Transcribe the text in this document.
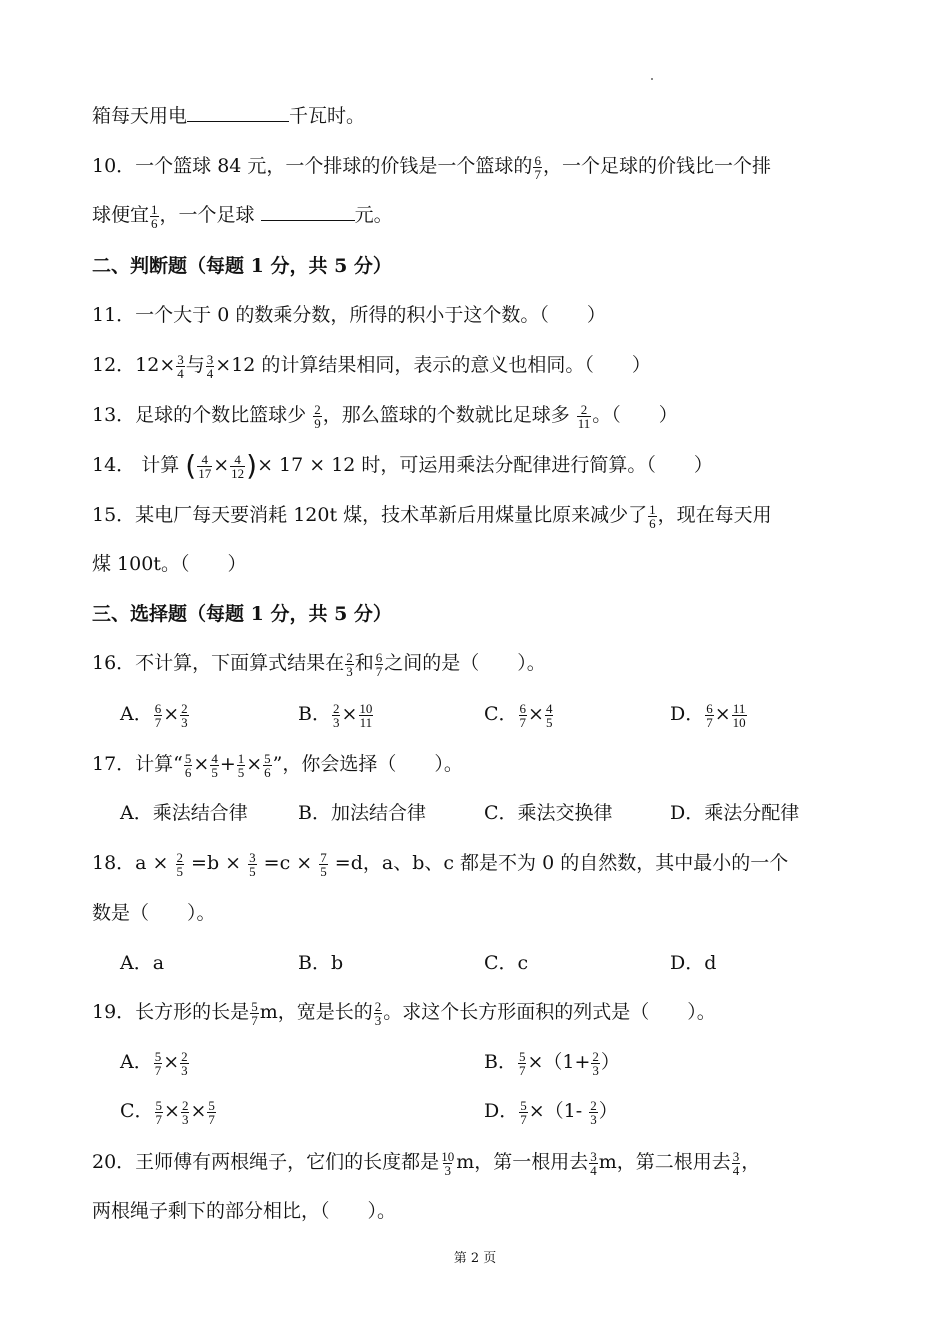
箱每天用电	千瓦时。
10．一个篮球 84 元，一个排球的价钱是一个篮球的 $\frac{6}{7}$ ，一个足球的价钱比一个排
球便宜 $\frac{1}{6}$ ，一个足球	元。
二、判断题（每题 1 分，共 5 分）
11．一个大于 0 的数乘分数，所得的积小于这个数。（　　）
12．$12\times \frac{3}{4}$ 与 $\frac{3}{4} \times 12$ 的计算结果相同，表示的意义也相同。（　　）
13．足球的个数比篮球少 $\frac{2}{9}$ ，那么篮球的个数就比足球多 $\frac{2}{11}$ 。（　　）
14． 计算 ( $\frac{4}{17} \times \frac{4}{12}$ )× 17 × 12 时，可运用乘法分配律进行简算。（　　）
15．某电厂每天要消耗 120t 煤，技术革新后用煤量比原来减少了 $\frac{1}{6}$ ，现在每天用
煤 100t。（　　）
三、选择题（每题 1 分，共 5 分）
16．不计算，下面算式结果在 $\frac{2}{3}$ 和 $\frac{6}{7}$ 之间的是（　　）。
A． $\frac{6}{7} \times \frac{2}{3}$	B． $\frac{2}{3} \times \frac{10}{11}$	C． $\frac{6}{7} \times \frac{4}{5}$	D． $\frac{6}{7} \times \frac{11}{10}$
17．计算“ $\frac{5}{6} \times \frac{4}{5} + \frac{1}{5} \times \frac{5}{6}$ ”，你会选择（　　）。
A．乘法结合律	B．加法结合律	C．乘法交换律	D．乘法分配律
18．$a \times \frac{2}{5} =b \times \frac{3}{5} =c \times \frac{7}{5} =d$，a、b、c 都是不为 0 的自然数，其中最小的一个
数是（　　）。
A．a	B．b	C．c	D．d
19．长方形的长是 $\frac{5}{7}$ m，宽是长的 $\frac{2}{3}$ 。求这个长方形面积的列式是（　　）。
A． $\frac{5}{7} \times \frac{2}{3}$	B． $\frac{5}{7} \times(1+ \frac{2}{3}$ ）
C． $\frac{5}{7} \times \frac{2}{3} \times \frac{5}{7}$	D． $\frac{5}{7} \times(1- \frac{2}{3}$ ）
20．王师傅有两根绳子，它们的长度都是 $\frac{10}{3}$ m，第一根用去 $\frac{3}{4}$ m，第二根用去 $\frac{3}{4}$ ，
两根绳子剩下的部分相比，（　　）。
第 2 页
